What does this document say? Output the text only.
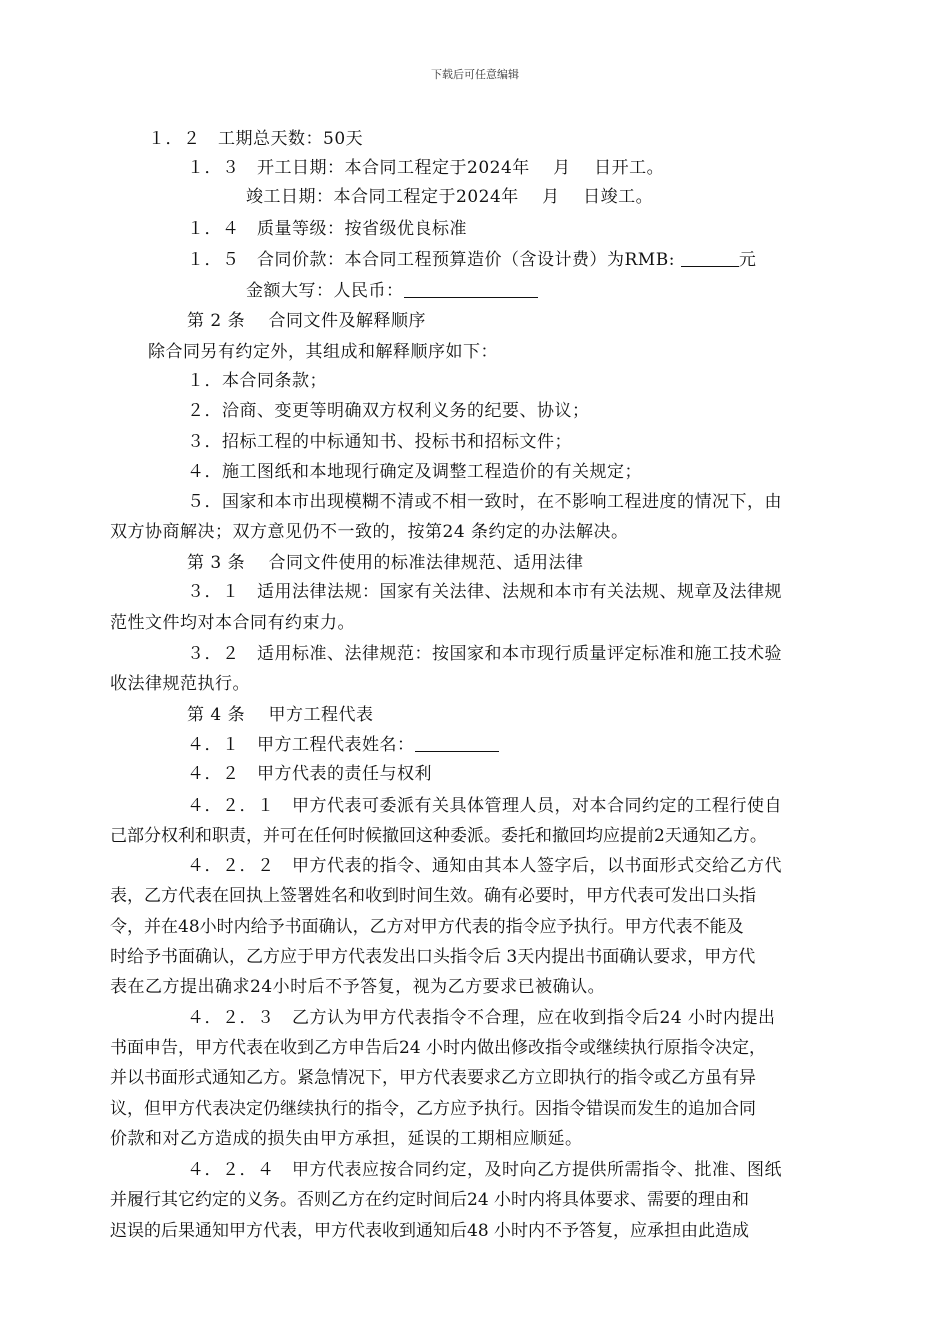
下载后可任意编辑
１．２　工期总天数：50天
１．３　开工日期：本合同工程定于2024年　 月　 日开工。
竣工日期：本合同工程定于2024年　 月　 日竣工。
１．４　质量等级：按省级优良标准
１．５　合同价款：本合同工程预算造价（含设计费）为RMB:	元
金额大写：人民币：
第 2 条　 合同文件及解释顺序
除合同另有约定外，其组成和解释顺序如下：
１．本合同条款；
２．洽商、变更等明确双方权利义务的纪要、协议；
３．招标工程的中标通知书、投标书和招标文件；
４．施工图纸和本地现行确定及调整工程造价的有关规定；
５．国家和本市出现模糊不清或不相一致时，在不影响工程进度的情况下，由
双方协商解决；双方意见仍不一致的，按第24 条约定的办法解决。
第 3 条　 合同文件使用的标准法律规范、适用法律
３．１　适用法律法规：国家有关法律、法规和本市有关法规、规章及法律规
范性文件均对本合同有约束力。
３．２　适用标准、法律规范：按国家和本市现行质量评定标准和施工技术验
收法律规范执行。
第 4 条　 甲方工程代表
４．１　甲方工程代表姓名：
４．２　甲方代表的责任与权利
４．２．１　甲方代表可委派有关具体管理人员，对本合同约定的工程行使自
己部分权利和职责，并可在任何时候撤回这种委派。委托和撤回均应提前2天通知乙方。
４．２．２　甲方代表的指令、通知由其本人签字后，以书面形式交给乙方代
表，乙方代表在回执上签署姓名和收到时间生效。确有必要时，甲方代表可发出口头指
令，并在48小时内给予书面确认，乙方对甲方代表的指令应予执行。甲方代表不能及
时给予书面确认，乙方应于甲方代表发出口头指令后 3天内提出书面确认要求，甲方代
表在乙方提出确求24小时后不予答复，视为乙方要求已被确认。
４．２．３　乙方认为甲方代表指令不合理，应在收到指令后24 小时内提出
书面申告，甲方代表在收到乙方申告后24 小时内做出修改指令或继续执行原指令决定，
并以书面形式通知乙方。紧急情况下，甲方代表要求乙方立即执行的指令或乙方虽有异
议，但甲方代表决定仍继续执行的指令，乙方应予执行。因指令错误而发生的追加合同
价款和对乙方造成的损失由甲方承担，延误的工期相应顺延。
４．２．４　甲方代表应按合同约定，及时向乙方提供所需指令、批准、图纸
并履行其它约定的义务。否则乙方在约定时间后24 小时内将具体要求、需要的理由和
迟误的后果通知甲方代表，甲方代表收到通知后48 小时内不予答复，应承担由此造成
